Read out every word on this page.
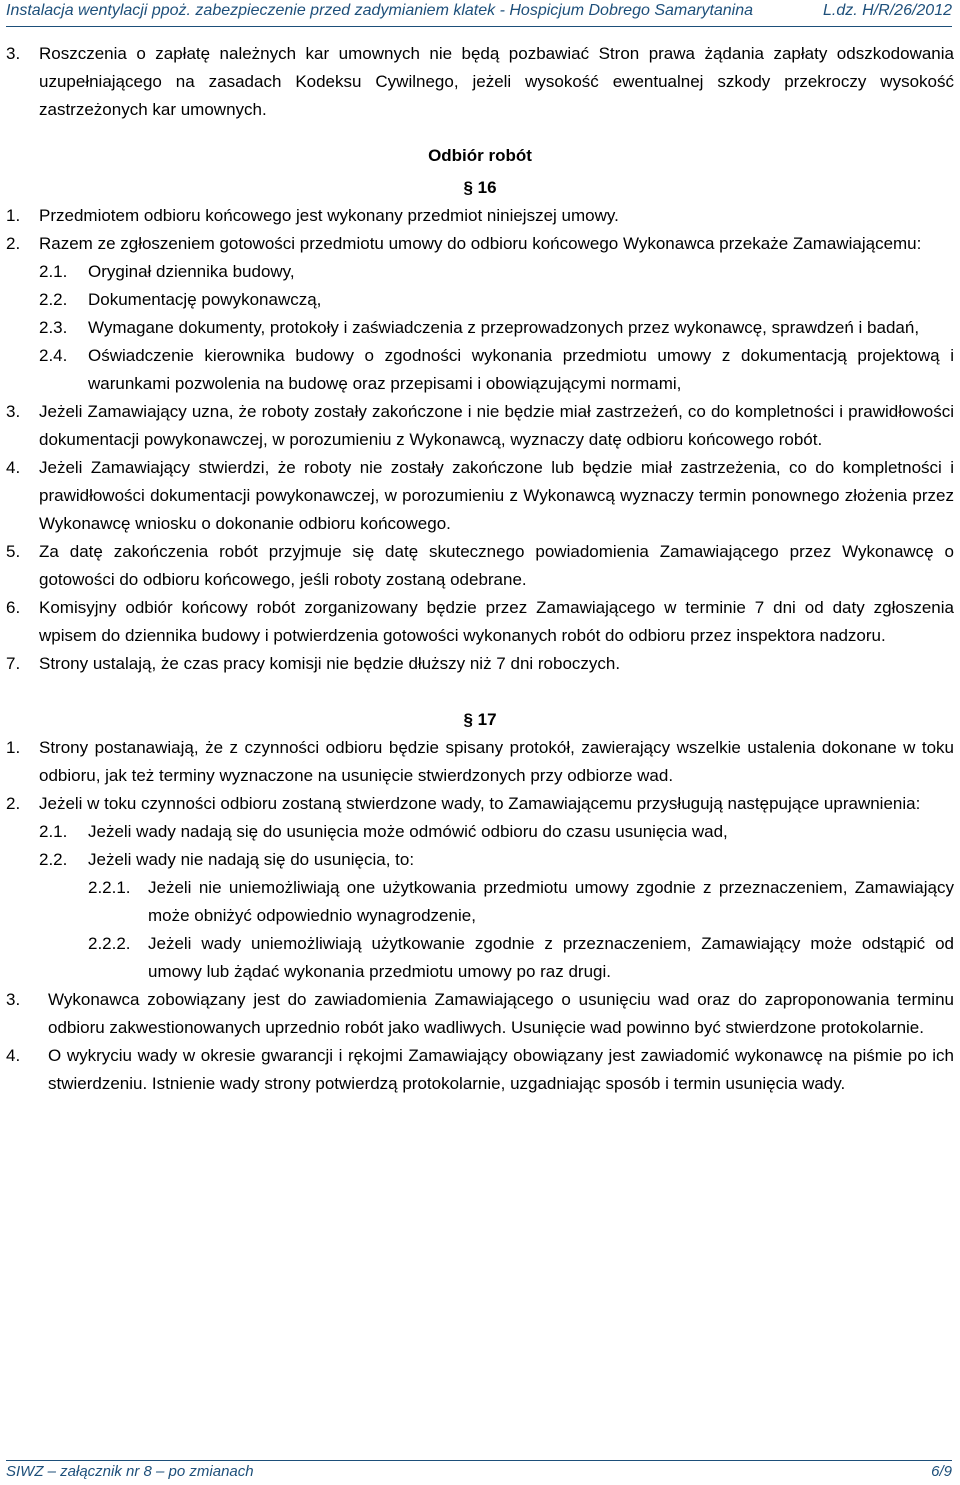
Instalacja wentylacji ppoż. zabezpieczenie przed zadymianiem klatek - Hospicjum Dobrego Samarytanina	L.dz. H/R/26/2012
3.	Roszczenia o zapłatę należnych kar umownych nie będą pozbawiać Stron prawa żądania zapłaty odszkodowania uzupełniającego na zasadach Kodeksu Cywilnego, jeżeli wysokość ewentualnej szkody przekroczy wysokość zastrzeżonych kar umownych.
Odbiór robót
§ 16
1.	Przedmiotem odbioru końcowego jest wykonany przedmiot niniejszej umowy.
2.	Razem ze zgłoszeniem gotowości przedmiotu umowy do odbioru końcowego Wykonawca przekaże Zamawiającemu:
2.1.	Oryginał dziennika budowy,
2.2.	Dokumentację powykonawczą,
2.3.	Wymagane dokumenty, protokoły i zaświadczenia z przeprowadzonych przez wykonawcę, sprawdzeń i badań,
2.4.	Oświadczenie kierownika budowy o zgodności wykonania przedmiotu umowy z dokumentacją projektową i warunkami pozwolenia na budowę oraz przepisami i obowiązującymi normami,
3.	Jeżeli Zamawiający uzna, że roboty zostały zakończone i nie będzie miał zastrzeżeń, co do kompletności i prawidłowości dokumentacji powykonawczej, w porozumieniu z Wykonawcą, wyznaczy datę odbioru końcowego robót.
4.	Jeżeli Zamawiający stwierdzi, że roboty nie zostały zakończone lub będzie miał zastrzeżenia, co do kompletności i prawidłowości dokumentacji powykonawczej, w porozumieniu z Wykonawcą wyznaczy termin ponownego złożenia przez Wykonawcę wniosku o dokonanie odbioru końcowego.
5.	Za datę zakończenia robót przyjmuje się datę skutecznego powiadomienia Zamawiającego przez Wykonawcę o gotowości do odbioru końcowego, jeśli roboty zostaną odebrane.
6.	Komisyjny odbiór końcowy robót zorganizowany będzie przez Zamawiającego w terminie 7 dni od daty zgłoszenia wpisem do dziennika budowy i potwierdzenia gotowości wykonanych robót do odbioru przez inspektora nadzoru.
7.	Strony ustalają, że czas pracy komisji nie będzie dłuższy niż 7 dni roboczych.
§ 17
1.	Strony postanawiają, że z czynności odbioru będzie spisany protokół, zawierający wszelkie ustalenia dokonane w toku odbioru, jak też terminy wyznaczone na usunięcie stwierdzonych przy odbiorze wad.
2.	Jeżeli w toku czynności odbioru zostaną stwierdzone wady, to Zamawiającemu przysługują następujące uprawnienia:
2.1.	Jeżeli wady nadają się do usunięcia może odmówić odbioru do czasu usunięcia wad,
2.2.	Jeżeli wady nie nadają się do usunięcia, to:
2.2.1.	Jeżeli nie uniemożliwiają one użytkowania przedmiotu umowy zgodnie z przeznaczeniem, Zamawiający może obniżyć odpowiednio wynagrodzenie,
2.2.2.	Jeżeli wady uniemożliwiają użytkowanie zgodnie z przeznaczeniem, Zamawiający może odstąpić od umowy lub żądać wykonania przedmiotu umowy po raz drugi.
3.	Wykonawca zobowiązany jest do zawiadomienia Zamawiającego o usunięciu wad oraz do zaproponowania terminu odbioru zakwestionowanych uprzednio robót jako wadliwych. Usunięcie wad powinno być stwierdzone protokolarnie.
4.	O wykryciu wady w okresie gwarancji i rękojmi Zamawiający obowiązany jest zawiadomić wykonawcę na piśmie po ich stwierdzeniu. Istnienie wady strony potwierdzą protokolarnie, uzgadniając sposób i termin usunięcia wady.
SIWZ – załącznik nr 8 – po zmianach	6/9
